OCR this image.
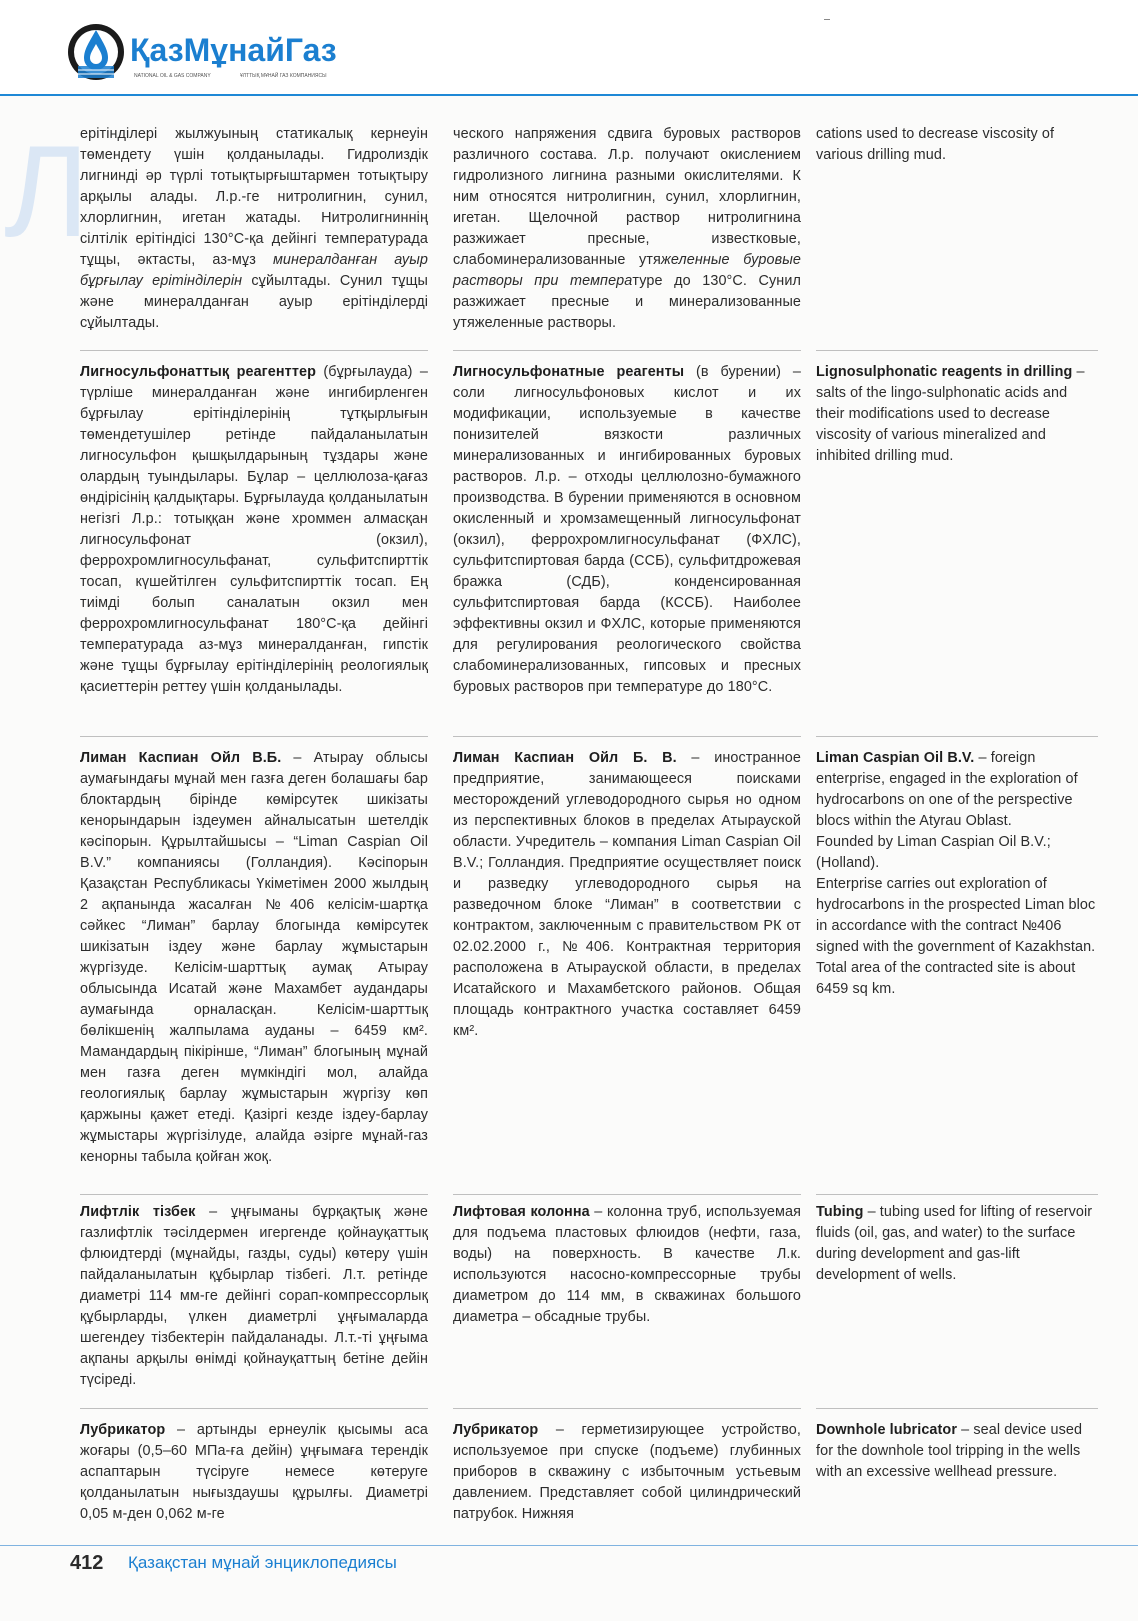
ҚазМұнайГаз
NATIONAL OIL & GAS COMPANY	ҰЛТТЫҚ МҰНАЙ ГАЗ КОМПАНИЯСЫ
Л

ерітінділері жылжуының статикалық кернеуін төмендету үшін қолданылады. Гидролиздік лигнинді әр түрлі тотықтырғыштармен тотықтыру арқылы алады. Л.р.-ге нитролигнин, сунил, хлорлигнин, игетан жатады. Нитролигниннің сілтілік ерітіндісі 130°С-қа дейінгі температурада тұщы, әктасты, аз-мұз минералданған ауыр бұрғылау ерітінділерін сұйылтады. Сунил тұщы және минералданған ауыр ерітінділерді сұйылтады.

ческого напряжения сдвига буровых растворов различного состава. Л.р. получают окислением гидролизного лигнина разными окислителями. К ним относятся нитролигнин, сунил, хлорлигнин, игетан. Щелочной раствор нитролигнина разжижает пресные, известковые, слабоминерализованные утяжеленные буровые растворы при температуре до 130°С. Сунил разжижает пресные и минерализованные утяжеленные растворы.

cations used to decrease viscosity of various drilling mud.

Лигносульфонаттық реагенттер (бұрғылауда) – түрліше минералданған және ингибирленген бұрғылау ерітінділерінің тұтқырлығын төмендетушілер ретінде пайдаланылатын лигносульфон қышқылдарының тұздары және олардың туындылары. Бұлар – целлюлоза-қағаз өндірісінің қалдықтары. Бұрғылауда қолданылатын негізгі Л.р.: тотыққан және хроммен алмасқан лигносульфонат (окзил), феррохромлигносульфанат, сульфитспирттік тосап, күшейтілген сульфитспирттік тосап. Ең тиімді болып саналатын окзил мен феррохромлигносульфанат 180°С-қа дейінгі температурада аз-мұз минералданған, гипстік және тұщы бұрғылау ерітінділерінің реологиялық қасиеттерін реттеу үшін қолданылады.

Лигносульфонатные реагенты (в бурении) – соли лигносульфоновых кислот и их модификации, используемые в качестве понизителей вязкости различных минерализованных и ингибированных буровых растворов. Л.р. – отходы целлюлозно-бумажного производства. В бурении применяются в основном окисленный и хромзамещенный лигносульфонат (окзил), феррохромлигносульфанат (ФХЛС), сульфитспиртовая барда (ССБ), сульфитдрожевая бражка (СДБ), конденсированная сульфитспиртовая барда (КССБ). Наиболее эффективны окзил и ФХЛС, которые применяются для регулирования реологического свойства слабоминерализованных, гипсовых и пресных буровых растворов при температуре до 180°С.

Lignosulphonatic reagents in drilling – salts of the lingo-sulphonatic acids and their modifications used to decrease viscosity of various mineralized and inhibited drilling mud.

Лиман Каспиан Ойл В.Б. – Атырау облысы аумағындағы мұнай мен газға деген болашағы бар блоктардың бірінде көмірсутек шикізаты кенорындарын іздеумен айналысатын шетелдік кәсіпорын. Құрылтайшысы – “Liman Caspian Oil B.V.” компаниясы (Голландия). Кәсіпорын Қазақстан Республикасы Үкіметімен 2000 жылдың 2 ақпанында жасалған №406 келісім-шартқа сәйкес “Лиман” барлау блогында көмірсутек шикізатын іздеу және барлау жұмыстарын жүргізуде. Келісім-шарттық аумақ Атырау облысында Исатай және Махамбет аудандары аумағында орналасқан. Келісім-шарттық бөлікшенің жалпылама ауданы – 6459 км². Мамандардың пікірінше, “Лиман” блогының мұнай мен газға деген мүмкіндігі мол, алайда геологиялық барлау жұмыстарын жүргізу көп қаржыны қажет етеді. Қазіргі кезде іздеу-барлау жұмыстары жүргізілуде, алайда әзірге мұнай-газ кенорны табыла қойған жоқ.

Лиман Каспиан Ойл Б. В. – иностранное предприятие, занимающееся поисками месторождений углеводородного сырья но одном из перспективных блоков в пределах Атырауской области. Учредитель – компания Liman Caspian Oil B.V.; Голландия. Предприятие осуществляет поиск и разведку углеводородного сырья на разведочном блоке “Лиман” в соответствии с контрактом, заключенным с правительством РК от 02.02.2000 г., №406. Контрактная территория расположена в Атырауской области, в пределах Исатайского и Махамбетского районов. Общая площадь контрактного участка составляет 6459 км².

Liman Caspian Oil B.V. – foreign enterprise, engaged in the exploration of hydrocarbons on one of the perspective blocs within the Atyrau Oblast.

Founded by Liman Caspian Oil B.V.; (Holland).

Enterprise carries out exploration of hydrocarbons in the prospected Liman bloc in accordance with the contract №406 signed with the government of Kazakhstan. Total area of the contracted site is about 6459 sq km.

Лифтлік тізбек – ұңғыманы бұрқақтық және газлифтлік тәсілдермен игергенде қойнауқаттық флюидтерді (мұнайды, газды, суды) көтеру үшін пайдаланылатын құбырлар тізбегі. Л.т. ретінде диаметрі 114 мм-ге дейінгі сорап-компрессорлық құбырларды, үлкен диаметрлі ұңғымаларда шегендеу тізбектерін пайдаланады. Л.т.-ті ұңғыма ақпаны арқылы өнімді қойнауқаттың бетіне дейін түсіреді.

Лифтовая колонна – колонна труб, используемая для подъема пластовых флюидов (нефти, газа, воды) на поверхность. В качестве Л.к. используются насосно-компрессорные трубы диаметром до 114 мм, в скважинах большого диаметра – обсадные трубы.

Tubing – tubing used for lifting of reservoir fluids (oil, gas, and water) to the surface during development and gas-lift development of wells.

Лубрикатор – артынды ернеулік қысымы аса жоғары (0,5–60 МПа-ға дейін) ұңғымаға терендік аспаптарын түсіруге немесе көтеруге қолданылатын нығыздаушы құрылғы. Диаметрі 0,05 м-ден 0,062 м-ге

Лубрикатор – герметизирующее устройство, используемое при спуске (подъеме) глубинных приборов в скважину с избыточным устьевым давлением. Представляет собой цилиндрический патрубок. Нижняя

Downhole lubricator – seal device used for the downhole tool tripping in the wells with an excessive wellhead pressure.

412 Қазақстан мұнай энциклопедиясы
